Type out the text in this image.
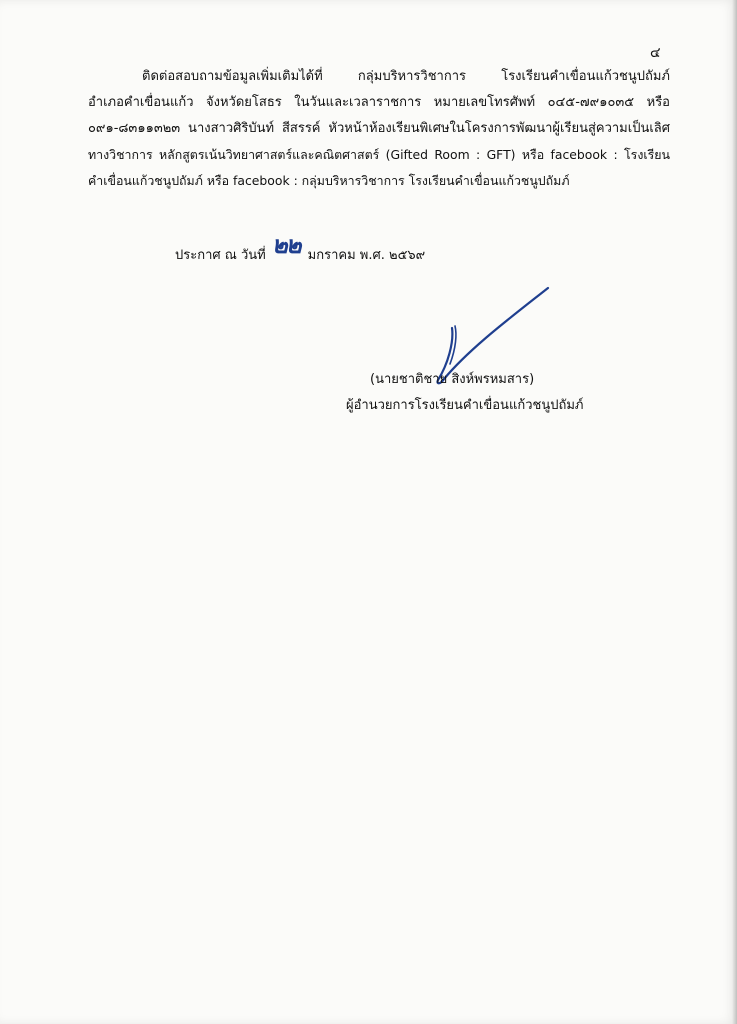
๔
ติดต่อสอบถามข้อมูลเพิ่มเติมได้ที่ กลุ่มบริหารวิชาการ โรงเรียนคำเขื่อนแก้วชนูปถัมภ์
อำเภอคำเขื่อนแก้ว จังหวัดยโสธร ในวันและเวลาราชการ หมายเลขโทรศัพท์ ๐๔๕-๗๙๑๐๓๕ หรือ
๐๙๑-๘๓๑๑๓๒๓ นางสาวศิริบันท์ สีสรรค์ หัวหน้าห้องเรียนพิเศษในโครงการพัฒนาผู้เรียนสู่ความเป็นเลิศ
ทางวิชาการ หลักสูตรเน้นวิทยาศาสตร์และคณิตศาสตร์ (Gifted Room : GFT) หรือ facebook : โรงเรียน
คำเขื่อนแก้วชนูปถัมภ์ หรือ facebook : กลุ่มบริหารวิชาการ โรงเรียนคำเขื่อนแก้วชนูปถัมภ์
ประกาศ ณ วันที่ ๒๒ มกราคม พ.ศ. ๒๕๖๙
(นายชาติชาย สิงห์พรหมสาร)
ผู้อำนวยการโรงเรียนคำเขื่อนแก้วชนูปถัมภ์
